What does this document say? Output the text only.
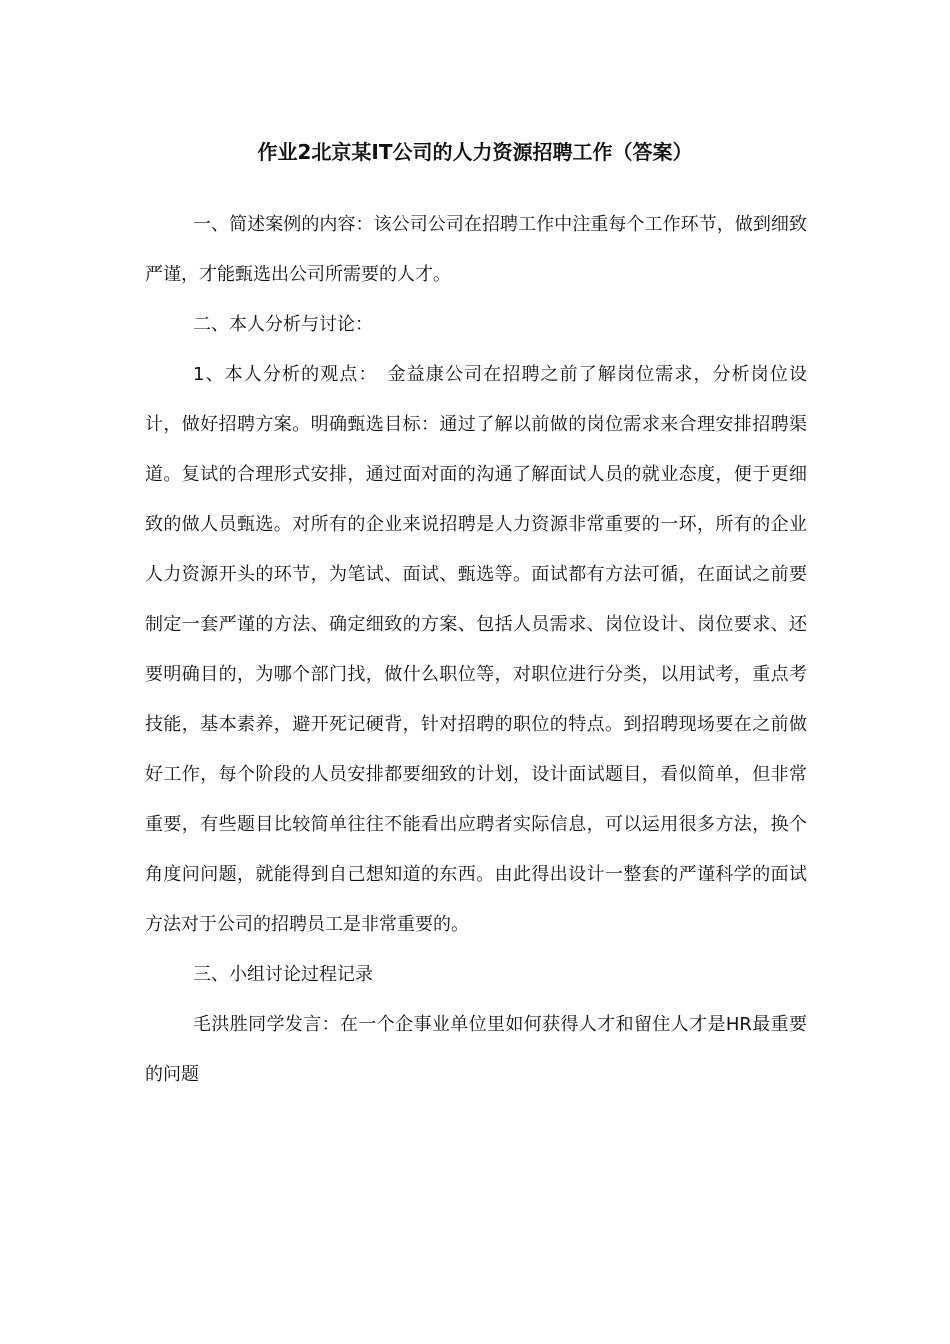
作业2北京某IT公司的人力资源招聘工作（答案）

一、简述案例的内容：该公司公司在招聘工作中注重每个工作环节，做到细致严谨，才能甄选出公司所需要的人才。

二、本人分析与讨论：

1、本人分析的观点：　金益康公司在招聘之前了解岗位需求，分析岗位设计，做好招聘方案。明确甄选目标：通过了解以前做的岗位需求来合理安排招聘渠道。复试的合理形式安排，通过面对面的沟通了解面试人员的就业态度，便于更细致的做人员甄选。对所有的企业来说招聘是人力资源非常重要的一环，所有的企业人力资源开头的环节，为笔试、面试、甄选等。面试都有方法可循，在面试之前要制定一套严谨的方法、确定细致的方案、包括人员需求、岗位设计、岗位要求、还要明确目的，为哪个部门找，做什么职位等，对职位进行分类，以用试考，重点考技能，基本素养，避开死记硬背，针对招聘的职位的特点。到招聘现场要在之前做好工作，每个阶段的人员安排都要细致的计划，设计面试题目，看似简单，但非常重要，有些题目比较简单往往不能看出应聘者实际信息，可以运用很多方法，换个角度问问题，就能得到自己想知道的东西。由此得出设计一整套的严谨科学的面试方法对于公司的招聘员工是非常重要的。

三、小组讨论过程记录

毛洪胜同学发言：在一个企事业单位里如何获得人才和留住人才是HR最重要的问题
